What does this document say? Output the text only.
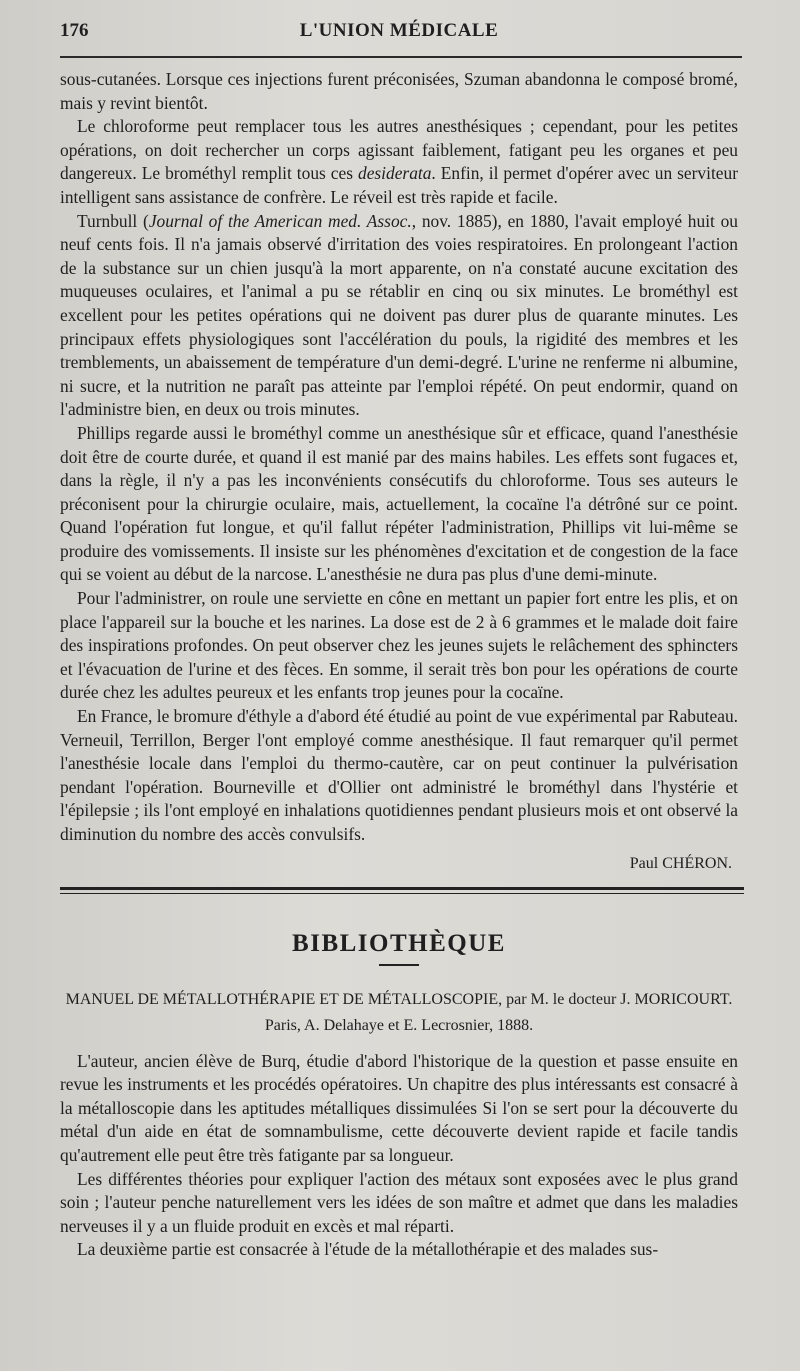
176	L'UNION MÉDICALE

sous-cutanées. Lorsque ces injections furent préconisées, Szuman abandonna le composé bromé, mais y revint bientôt.

Le chloroforme peut remplacer tous les autres anesthésiques ; cependant, pour les petites opérations, on doit rechercher un corps agissant faiblement, fatigant peu les organes et peu dangereux. Le brométhyl remplit tous ces desiderata. Enfin, il permet d'opérer avec un serviteur intelligent sans assistance de confrère. Le réveil est très rapide et facile.

Turnbull (Journal of the American med. Assoc., nov. 1885), en 1880, l'avait employé huit ou neuf cents fois. Il n'a jamais observé d'irritation des voies respiratoires. En prolongeant l'action de la substance sur un chien jusqu'à la mort apparente, on n'a constaté aucune excitation des muqueuses oculaires, et l'animal a pu se rétablir en cinq ou six minutes. Le brométhyl est excellent pour les petites opérations qui ne doivent pas durer plus de quarante minutes. Les principaux effets physiologiques sont l'accélération du pouls, la rigidité des membres et les tremblements, un abaissement de température d'un demi-degré. L'urine ne renferme ni albumine, ni sucre, et la nutrition ne paraît pas atteinte par l'emploi répété. On peut endormir, quand on l'administre bien, en deux ou trois minutes.

Phillips regarde aussi le brométhyl comme un anesthésique sûr et efficace, quand l'anesthésie doit être de courte durée, et quand il est manié par des mains habiles. Les effets sont fugaces et, dans la règle, il n'y a pas les inconvénients consécutifs du chloroforme. Tous ses auteurs le préconisent pour la chirurgie oculaire, mais, actuellement, la cocaïne l'a détrôné sur ce point. Quand l'opération fut longue, et qu'il fallut répéter l'administration, Phillips vit lui-même se produire des vomissements. Il insiste sur les phénomènes d'excitation et de congestion de la face qui se voient au début de la narcose. L'anesthésie ne dura pas plus d'une demi-minute.

Pour l'administrer, on roule une serviette en cône en mettant un papier fort entre les plis, et on place l'appareil sur la bouche et les narines. La dose est de 2 à 6 grammes et le malade doit faire des inspirations profondes. On peut observer chez les jeunes sujets le relâchement des sphincters et l'évacuation de l'urine et des fèces. En somme, il serait très bon pour les opérations de courte durée chez les adultes peureux et les enfants trop jeunes pour la cocaïne.

En France, le bromure d'éthyle a d'abord été étudié au point de vue expérimental par Rabuteau. Verneuil, Terrillon, Berger l'ont employé comme anesthésique. Il faut remarquer qu'il permet l'anesthésie locale dans l'emploi du thermo-cautère, car on peut continuer la pulvérisation pendant l'opération. Bourneville et d'Ollier ont administré le brométhyl dans l'hystérie et l'épilepsie ; ils l'ont employé en inhalations quotidiennes pendant plusieurs mois et ont observé la diminution du nombre des accès convulsifs.

Paul CHÉRON.
BIBLIOTHÈQUE

MANUEL DE MÉTALLOTHÉRAPIE ET DE MÉTALLOSCOPIE, par M. le docteur J. MORICOURT.

Paris, A. Delahaye et E. Lecrosnier, 1888.

L'auteur, ancien élève de Burq, étudie d'abord l'historique de la question et passe ensuite en revue les instruments et les procédés opératoires. Un chapitre des plus intéressants est consacré à la métalloscopie dans les aptitudes métalliques dissimulées Si l'on se sert pour la découverte du métal d'un aide en état de somnambulisme, cette découverte devient rapide et facile tandis qu'autrement elle peut être très fatigante par sa longueur.

Les différentes théories pour expliquer l'action des métaux sont exposées avec le plus grand soin ; l'auteur penche naturellement vers les idées de son maître et admet que dans les maladies nerveuses il y a un fluide produit en excès et mal réparti.

La deuxième partie est consacrée à l'étude de la métallothérapie et des malades sus-
